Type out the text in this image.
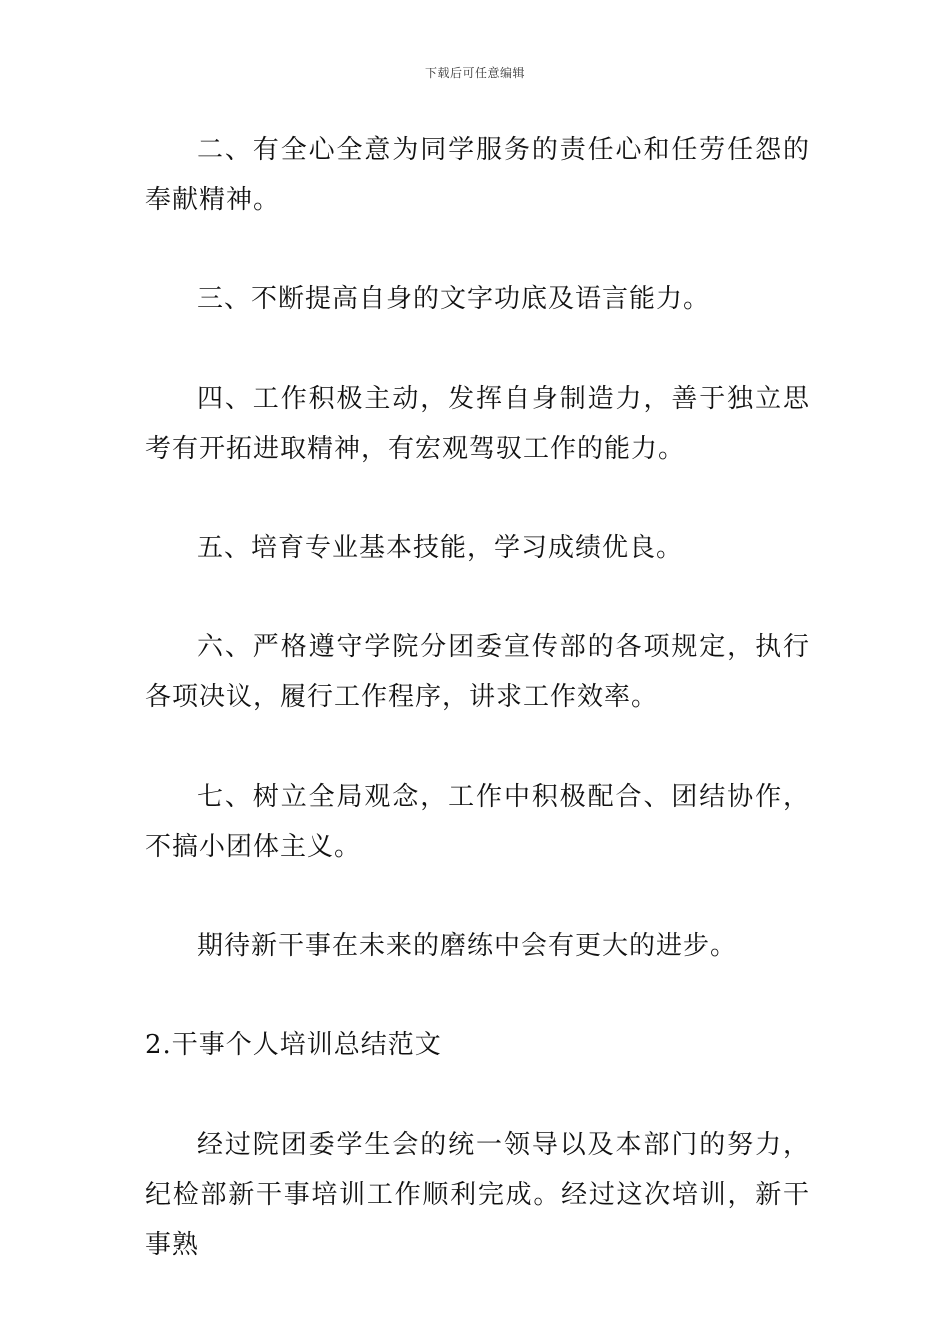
下载后可任意编辑

二、有全心全意为同学服务的责任心和任劳任怨的奉献精神。

三、不断提高自身的文字功底及语言能力。

四、工作积极主动，发挥自身制造力，善于独立思考有开拓进取精神，有宏观驾驭工作的能力。

五、培育专业基本技能，学习成绩优良。

六、严格遵守学院分团委宣传部的各项规定，执行各项决议，履行工作程序，讲求工作效率。

七、树立全局观念，工作中积极配合、团结协作，不搞小团体主义。

期待新干事在未来的磨练中会有更大的进步。

2.干事个人培训总结范文

经过院团委学生会的统一领导以及本部门的努力，纪检部新干事培训工作顺利完成。经过这次培训，新干事熟
